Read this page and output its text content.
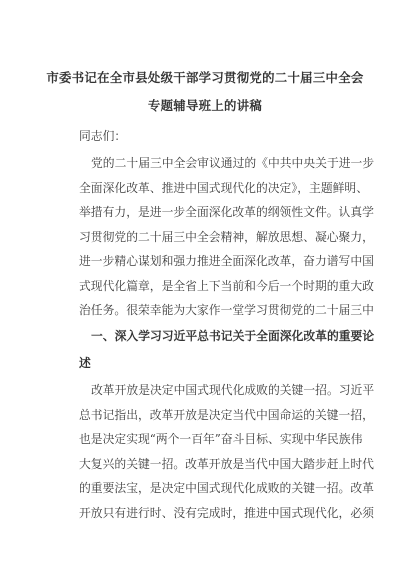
市委书记在全市县处级干部学习贯彻党的二十届三中全会
专题辅导班上的讲稿
同志们：
党的二十届三中全会审议通过的《中共中央关于进一步
全面深化改革、推进中国式现代化的决定》，主题鲜明、
举措有力，是进一步全面深化改革的纲领性文件。认真学
习贯彻党的二十届三中全会精神，解放思想、凝心聚力，
进一步精心谋划和强力推进全面深化改革，奋力谱写中国
式现代化篇章，是全省上下当前和今后一个时期的重大政
治任务。很荣幸能为大家作一堂学习贯彻党的二十届三中
一、深入学习习近平总书记关于全面深化改革的重要论
述
改革开放是决定中国式现代化成败的关键一招。习近平
总书记指出，改革开放是决定当代中国命运的关键一招，
也是决定实现“两个一百年”奋斗目标、实现中华民族伟
大复兴的关键一招。改革开放是当代中国大踏步赶上时代
的重要法宝，是决定中国式现代化成败的关键一招。改革
开放只有进行时、没有完成时，推进中国式现代化，必须
